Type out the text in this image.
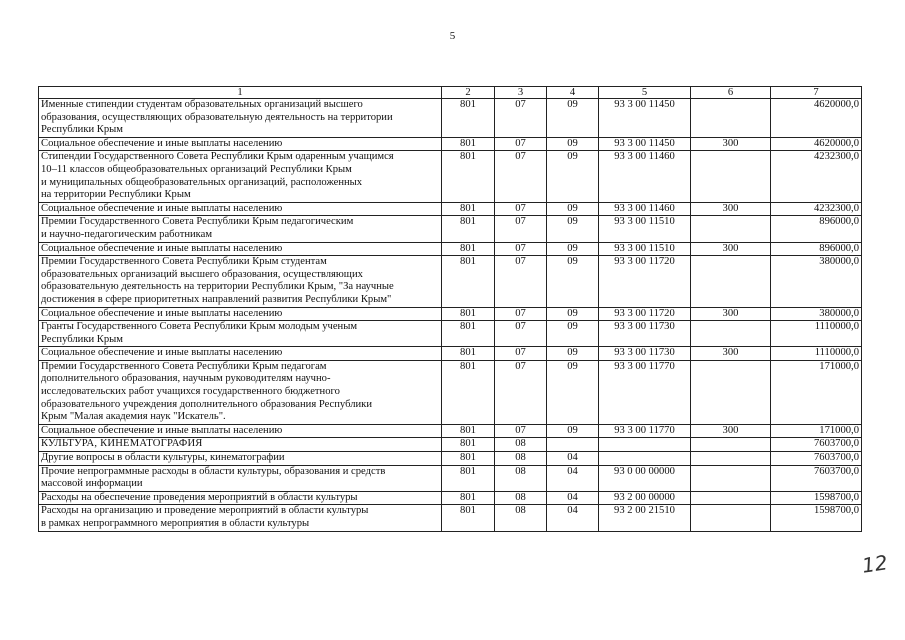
5
1	2	3	4	5	6	7
Именные стипендии студентам образовательных организаций высшего
образования, осуществляющих образовательную деятельность на территории
Республики Крым	801	07	09	93 3 00 11450		4620000,0
Социальное обеспечение и иные выплаты населению	801	07	09	93 3 00 11450	300	4620000,0
Стипендии Государственного Совета Республики Крым одаренным учащимся
10–11 классов общеобразовательных организаций Республики Крым
и муниципальных общеобразовательных организаций, расположенных
на территории Республики Крым	801	07	09	93 3 00 11460		4232300,0
Социальное обеспечение и иные выплаты населению	801	07	09	93 3 00 11460	300	4232300,0
Премии Государственного Совета Республики Крым педагогическим
и научно-педагогическим работникам	801	07	09	93 3 00 11510		896000,0
Социальное обеспечение и иные выплаты населению	801	07	09	93 3 00 11510	300	896000,0
Премии Государственного Совета Республики Крым студентам
образовательных организаций высшего образования, осуществляющих
образовательную деятельность на территории Республики Крым, "За научные
достижения в сфере приоритетных направлений развития Республики Крым"	801	07	09	93 3 00 11720		380000,0
Социальное обеспечение и иные выплаты населению	801	07	09	93 3 00 11720	300	380000,0
Гранты Государственного Совета Республики Крым молодым ученым
Республики Крым	801	07	09	93 3 00 11730		1110000,0
Социальное обеспечение и иные выплаты населению	801	07	09	93 3 00 11730	300	1110000,0
Премии Государственного Совета Республики Крым педагогам
дополнительного образования, научным руководителям научно-
исследовательских работ учащихся государственного бюджетного
образовательного учреждения дополнительного образования Республики
Крым "Малая академия наук "Искатель".	801	07	09	93 3 00 11770		171000,0
Социальное обеспечение и иные выплаты населению	801	07	09	93 3 00 11770	300	171000,0
КУЛЬТУРА, КИНЕМАТОГРАФИЯ	801	08				7603700,0
Другие вопросы в области культуры, кинематографии	801	08	04			7603700,0
Прочие непрограммные расходы в области культуры, образования и средств
массовой информации	801	08	04	93 0 00 00000		7603700,0
Расходы на обеспечение проведения мероприятий в области культуры	801	08	04	93 2 00 00000		1598700,0
Расходы на организацию и проведение мероприятий в области культуры
в рамках непрограммного мероприятия в области культуры	801	08	04	93 2 00 21510		1598700,0
12
